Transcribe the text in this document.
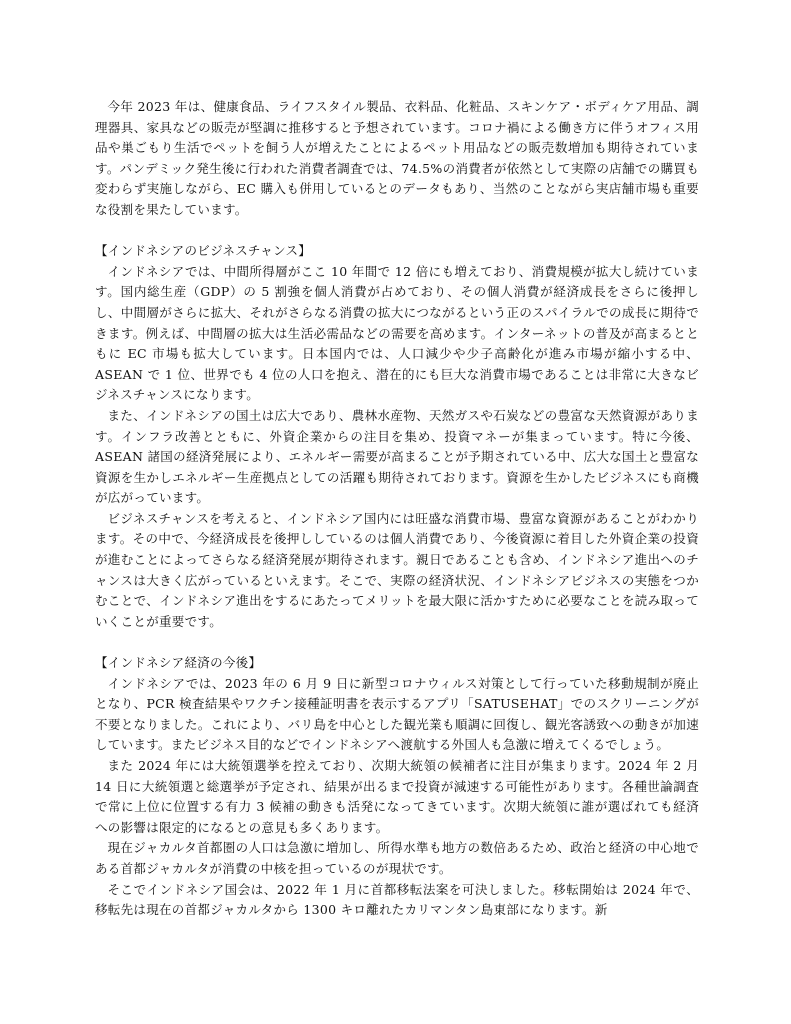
今年 2023 年は、健康食品、ライフスタイル製品、衣料品、化粧品、スキンケア・ボディケア用品、調理器具、家具などの販売が堅調に推移すると予想されています。コロナ禍による働き方に伴うオフィス用品や巣ごもり生活でペットを飼う人が増えたことによるペット用品などの販売数増加も期待されています。パンデミック発生後に行われた消費者調査では、74.5%の消費者が依然として実際の店舗での購買も変わらず実施しながら、EC 購入も併用しているとのデータもあり、当然のことながら実店舗市場も重要な役割を果たしています。

【インドネシアのビジネスチャンス】

インドネシアでは、中間所得層がここ 10 年間で 12 倍にも増えており、消費規模が拡大し続けています。国内総生産（GDP）の 5 割強を個人消費が占めており、その個人消費が経済成長をさらに後押しし、中間層がさらに拡大、それがさらなる消費の拡大につながるという正のスパイラルでの成長に期待できます。例えば、中間層の拡大は生活必需品などの需要を高めます。インターネットの普及が高まるとともに EC 市場も拡大しています。日本国内では、人口減少や少子高齢化が進み市場が縮小する中、ASEAN で 1 位、世界でも 4 位の人口を抱え、潜在的にも巨大な消費市場であることは非常に大きなビジネスチャンスになります。

また、インドネシアの国土は広大であり、農林水産物、天然ガスや石炭などの豊富な天然資源があります。インフラ改善とともに、外資企業からの注目を集め、投資マネーが集まっています。特に今後、ASEAN 諸国の経済発展により、エネルギー需要が高まることが予期されている中、広大な国土と豊富な資源を生かしエネルギー生産拠点としての活躍も期待されております。資源を生かしたビジネスにも商機が広がっています。

ビジネスチャンスを考えると、インドネシア国内には旺盛な消費市場、豊富な資源があることがわかります。その中で、今経済成長を後押ししているのは個人消費であり、今後資源に着目した外資企業の投資が進むことによってさらなる経済発展が期待されます。親日であることも含め、インドネシア進出へのチャンスは大きく広がっているといえます。そこで、実際の経済状況、インドネシアビジネスの実態をつかむことで、インドネシア進出をするにあたってメリットを最大限に活かすために必要なことを読み取っていくことが重要です。

【インドネシア経済の今後】

インドネシアでは、2023 年の 6 月 9 日に新型コロナウィルス対策として行っていた移動規制が廃止となり、PCR 検査結果やワクチン接種証明書を表示するアプリ「SATUSEHAT」でのスクリーニングが不要となりました。これにより、バリ島を中心とした観光業も順調に回復し、観光客誘致への動きが加速しています。またビジネス目的などでインドネシアへ渡航する外国人も急激に増えてくるでしょう。

また 2024 年には大統領選挙を控えており、次期大統領の候補者に注目が集まります。2024 年 2 月 14 日に大統領選と総選挙が予定され、結果が出るまで投資が減速する可能性があります。各種世論調査で常に上位に位置する有力 3 候補の動きも活発になってきています。次期大統領に誰が選ばれても経済への影響は限定的になるとの意見も多くあります。

現在ジャカルタ首都圏の人口は急激に増加し、所得水準も地方の数倍あるため、政治と経済の中心地である首都ジャカルタが消費の中核を担っているのが現状です。

そこでインドネシア国会は、2022 年 1 月に首都移転法案を可決しました。移転開始は 2024 年で、移転先は現在の首都ジャカルタから 1300 キロ離れたカリマンタン島東部になります。新
